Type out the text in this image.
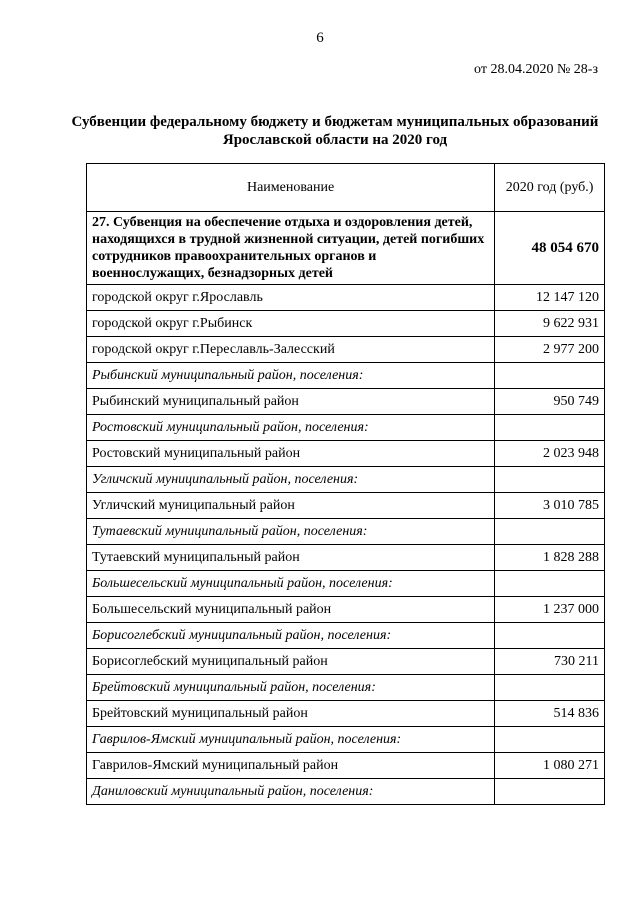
6
от 28.04.2020 № 28-з
Субвенции федеральному бюджету и бюджетам муниципальных образований Ярославской области на 2020 год
Наименование	2020 год (руб.)
27. Субвенция на обеспечение отдыха и оздоровления детей, находящихся в трудной жизненной ситуации, детей погибших сотрудников правоохранительных органов и военнослужащих, безнадзорных детей	48 054 670
городской округ г.Ярославль	12 147 120
городской округ г.Рыбинск	9 622 931
городской округ г.Переславль-Залесский	2 977 200
Рыбинский муниципальный район, поселения:	
Рыбинский муниципальный район	950 749
Ростовский муниципальный район, поселения:	
Ростовский муниципальный район	2 023 948
Угличский муниципальный район, поселения:	
Угличский муниципальный район	3 010 785
Тутаевский муниципальный район, поселения:	
Тутаевский муниципальный район	1 828 288
Большесельский муниципальный район, поселения:	
Большесельский муниципальный район	1 237 000
Борисоглебский муниципальный район, поселения:	
Борисоглебский муниципальный район	730 211
Брейтовский муниципальный район, поселения:	
Брейтовский муниципальный район	514 836
Гаврилов-Ямский муниципальный район, поселения:	
Гаврилов-Ямский муниципальный район	1 080 271
Даниловский муниципальный район, поселения:	
